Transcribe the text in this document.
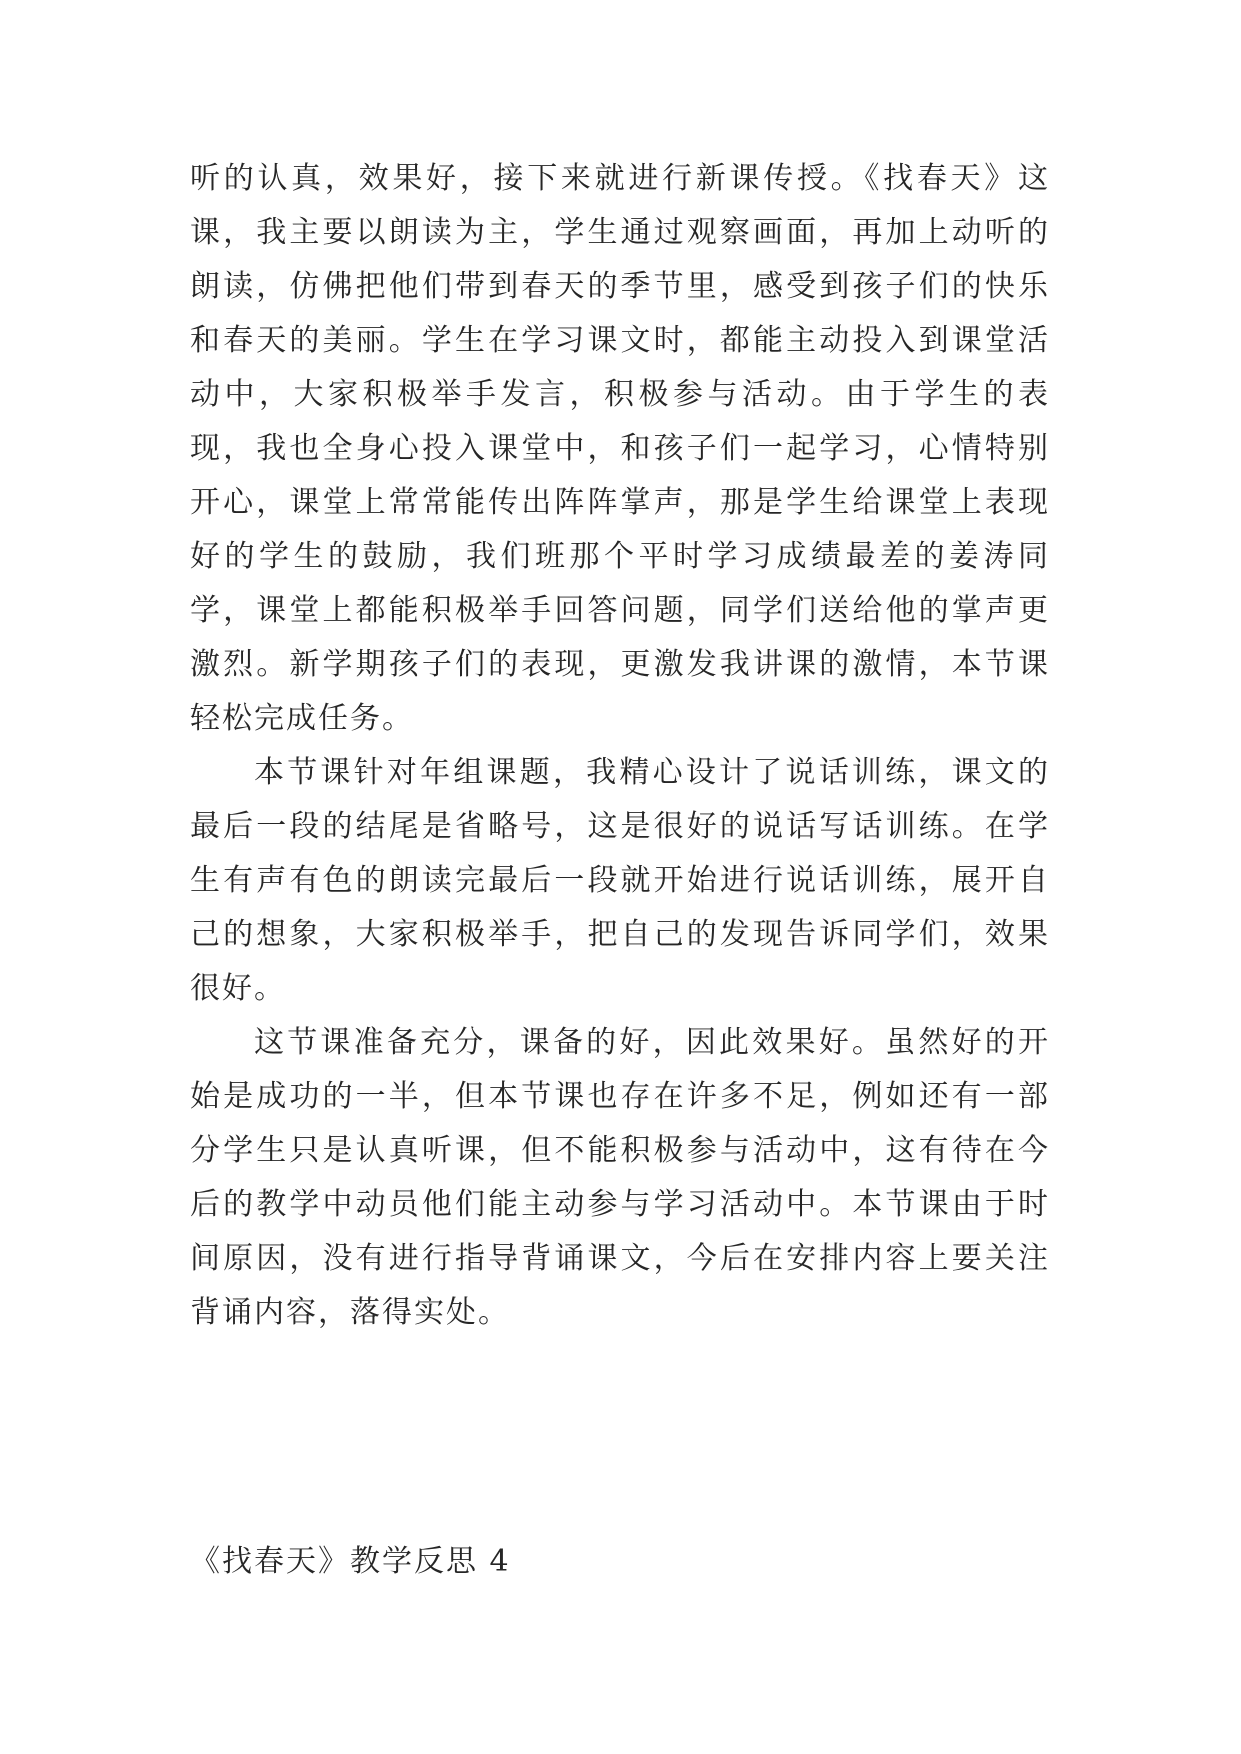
听的认真，效果好，接下来就进行新课传授。《找春天》这课，我主要以朗读为主，学生通过观察画面，再加上动听的朗读，仿佛把他们带到春天的季节里，感受到孩子们的快乐和春天的美丽。学生在学习课文时，都能主动投入到课堂活动中，大家积极举手发言，积极参与活动。由于学生的表现，我也全身心投入课堂中，和孩子们一起学习，心情特别开心，课堂上常常能传出阵阵掌声，那是学生给课堂上表现好的学生的鼓励，我们班那个平时学习成绩最差的姜涛同学，课堂上都能积极举手回答问题，同学们送给他的掌声更激烈。新学期孩子们的表现，更激发我讲课的激情，本节课轻松完成任务。

本节课针对年组课题，我精心设计了说话训练，课文的最后一段的结尾是省略号，这是很好的说话写话训练。在学生有声有色的朗读完最后一段就开始进行说话训练，展开自己的想象，大家积极举手，把自己的发现告诉同学们，效果很好。

这节课准备充分，课备的好，因此效果好。虽然好的开始是成功的一半，但本节课也存在许多不足，例如还有一部分学生只是认真听课，但不能积极参与活动中，这有待在今后的教学中动员他们能主动参与学习活动中。本节课由于时间原因，没有进行指导背诵课文，今后在安排内容上要关注背诵内容，落得实处。

《找春天》教学反思 4
